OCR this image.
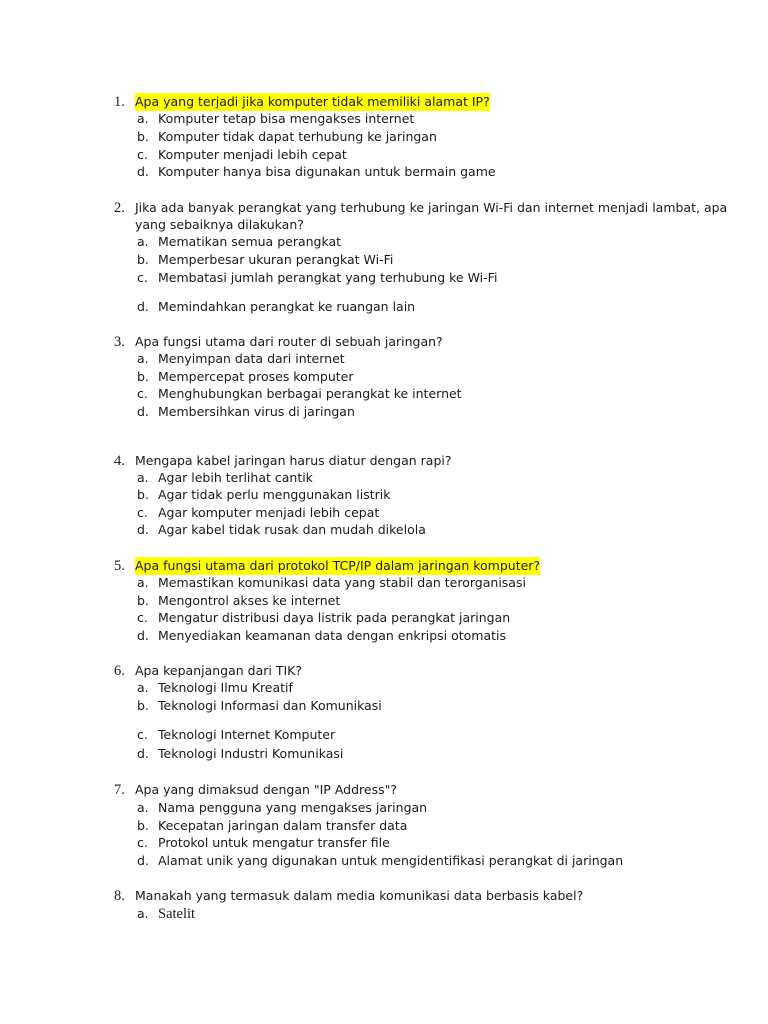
1. Apa yang terjadi jika komputer tidak memiliki alamat IP?
a. Komputer tetap bisa mengakses internet
b. Komputer tidak dapat terhubung ke jaringan
c. Komputer menjadi lebih cepat
d. Komputer hanya bisa digunakan untuk bermain game
2. Jika ada banyak perangkat yang terhubung ke jaringan Wi-Fi dan internet menjadi lambat, apa
yang sebaiknya dilakukan?
a. Mematikan semua perangkat
b. Memperbesar ukuran perangkat Wi-Fi
c. Membatasi jumlah perangkat yang terhubung ke Wi-Fi
d. Memindahkan perangkat ke ruangan lain
3. Apa fungsi utama dari router di sebuah jaringan?
a. Menyimpan data dari internet
b. Mempercepat proses komputer
c. Menghubungkan berbagai perangkat ke internet
d. Membersihkan virus di jaringan
4. Mengapa kabel jaringan harus diatur dengan rapi?
a. Agar lebih terlihat cantik
b. Agar tidak perlu menggunakan listrik
c. Agar komputer menjadi lebih cepat
d. Agar kabel tidak rusak dan mudah dikelola
5. Apa fungsi utama dari protokol TCP/IP dalam jaringan komputer?
a. Memastikan komunikasi data yang stabil dan terorganisasi
b. Mengontrol akses ke internet
c. Mengatur distribusi daya listrik pada perangkat jaringan
d. Menyediakan keamanan data dengan enkripsi otomatis
6. Apa kepanjangan dari TIK?
a. Teknologi Ilmu Kreatif
b. Teknologi Informasi dan Komunikasi
c. Teknologi Internet Komputer
d. Teknologi Industri Komunikasi
7. Apa yang dimaksud dengan "IP Address"?
a. Nama pengguna yang mengakses jaringan
b. Kecepatan jaringan dalam transfer data
c. Protokol untuk mengatur transfer file
d. Alamat unik yang digunakan untuk mengidentifikasi perangkat di jaringan
8. Manakah yang termasuk dalam media komunikasi data berbasis kabel?
a. Satelit
